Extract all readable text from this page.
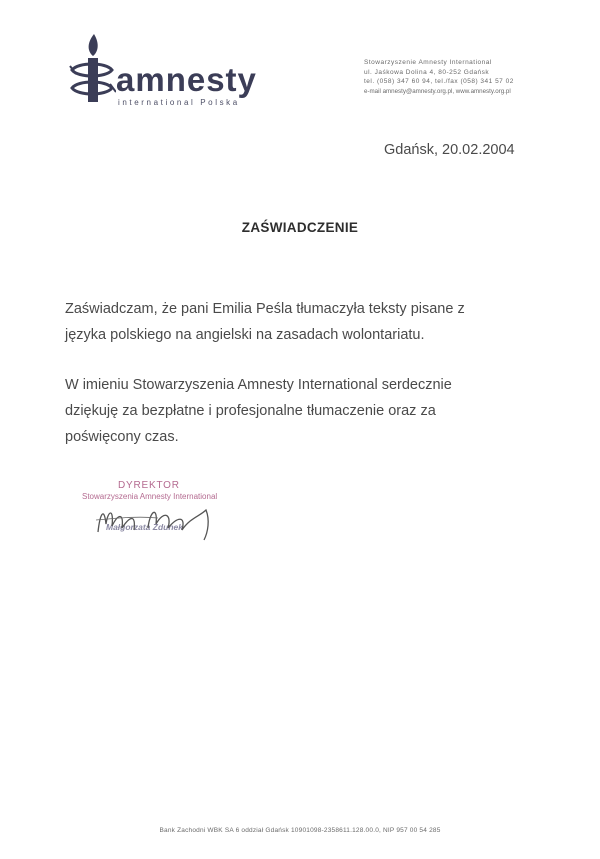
amnesty
international Polska
Stowarzyszenie Amnesty International
ul. Jaśkowa Dolina 4, 80-252 Gdańsk
tel. (058) 347 60 94, tel./fax (058) 341 57 02
e-mail amnesty@amnesty.org.pl, www.amnesty.org.pl
Gdańsk, 20.02.2004
ZAŚWIADCZENIE
Zaświadczam, że pani Emilia Peśla tłumaczyła teksty pisane z
języka polskiego na angielski na zasadach wolontariatu.
W imieniu Stowarzyszenia Amnesty International serdecznie
dziękuję za bezpłatne i profesjonalne tłumaczenie oraz za
poświęcony czas.
DYREKTOR
Stowarzyszenia Amnesty International
Małgorzata Zdunek
Bank Zachodni WBK SA 6 oddział Gdańsk 10901098-2358611.128.00.0, NIP 957 00 54 285
